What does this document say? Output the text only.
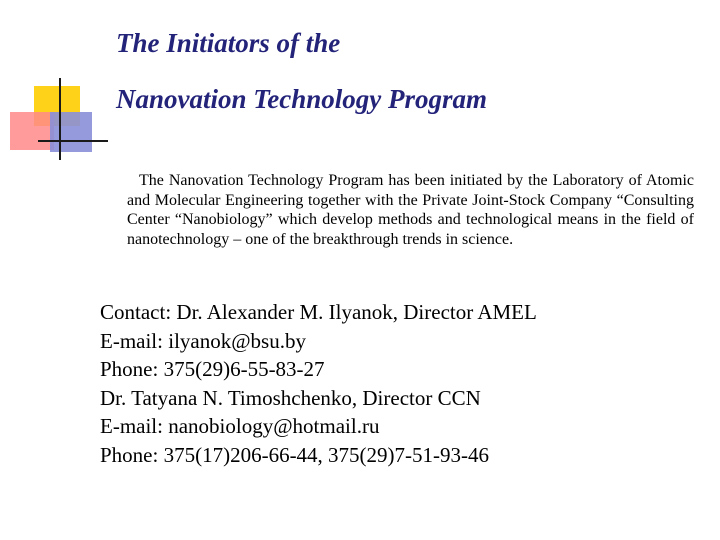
The Initiators of the
Nanovation Technology Program

The Nanovation Technology Program has been initiated by the Laboratory of Atomic and Molecular Engineering together with the Private Joint-Stock Company “Consulting Center “Nanobiology” which develop methods and technological means in the field of nanotechnology – one of the breakthrough trends in science.

Contact: Dr. Alexander M. Ilyanok, Director AMEL
E-mail: ilyanok@bsu.by
Phone: 375(29)6-55-83-27
Dr. Tatyana N. Timoshchenko, Director CCN
E-mail: nanobiology@hotmail.ru
Phone: 375(17)206-66-44, 375(29)7-51-93-46
